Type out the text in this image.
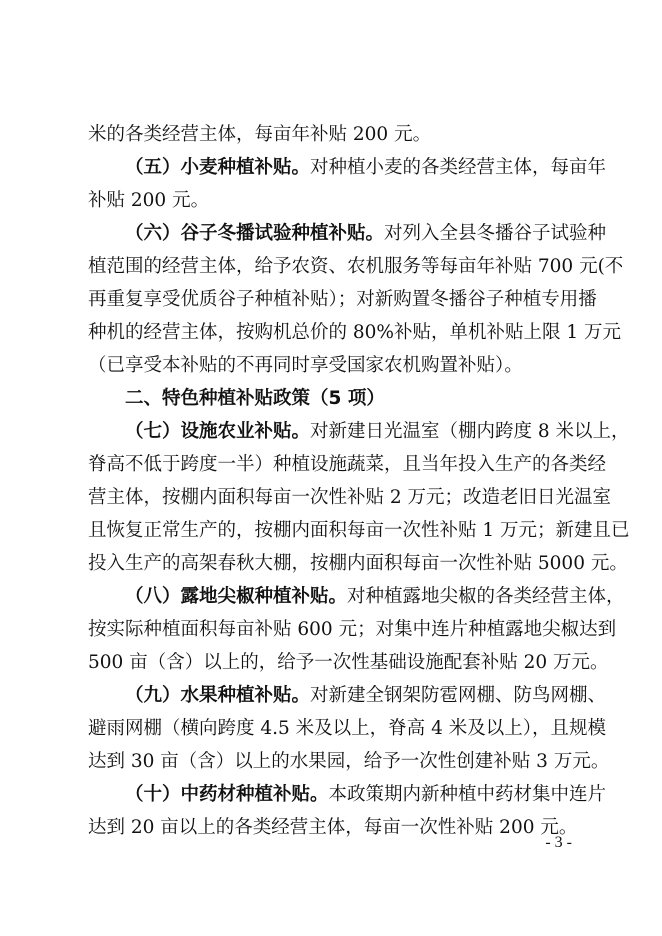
米的各类经营主体，每亩年补贴 200 元。
（五）小麦种植补贴。对种植小麦的各类经营主体，每亩年
补贴 200 元。
（六）谷子冬播试验种植补贴。对列入全县冬播谷子试验种
植范围的经营主体，给予农资、农机服务等每亩年补贴 700 元(不
再重复享受优质谷子种植补贴）；对新购置冬播谷子种植专用播
种机的经营主体，按购机总价的 80%补贴，单机补贴上限 1 万元
（已享受本补贴的不再同时享受国家农机购置补贴）。
二、特色种植补贴政策（5 项）
（七）设施农业补贴。对新建日光温室（棚内跨度 8 米以上，
脊高不低于跨度一半）种植设施蔬菜，且当年投入生产的各类经
营主体，按棚内面积每亩一次性补贴 2 万元；改造老旧日光温室
且恢复正常生产的，按棚内面积每亩一次性补贴 1 万元；新建且已
投入生产的高架春秋大棚，按棚内面积每亩一次性补贴 5000 元。
（八）露地尖椒种植补贴。对种植露地尖椒的各类经营主体，
按实际种植面积每亩补贴 600 元；对集中连片种植露地尖椒达到
500 亩（含）以上的，给予一次性基础设施配套补贴 20 万元。
（九）水果种植补贴。对新建全钢架防雹网棚、防鸟网棚、
避雨网棚（横向跨度 4.5 米及以上，脊高 4 米及以上），且规模
达到 30 亩（含）以上的水果园，给予一次性创建补贴 3 万元。
（十）中药材种植补贴。本政策期内新种植中药材集中连片
达到 20 亩以上的各类经营主体，每亩一次性补贴 200 元。
- 3 -
